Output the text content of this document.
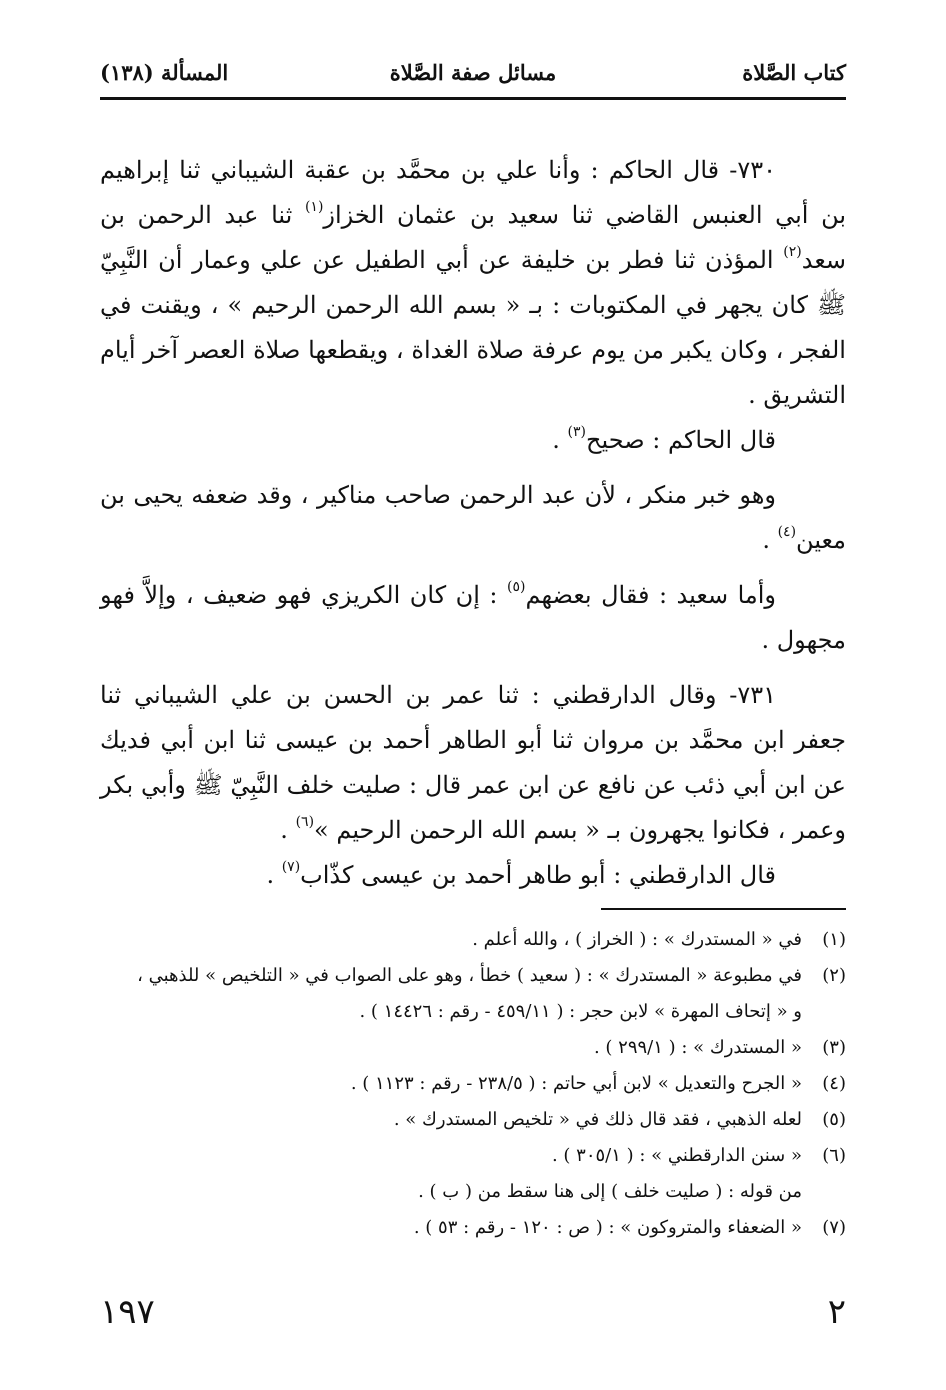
كتاب الصَّلاة
مسائل صفة الصَّلاة
المسألة (١٣٨)

٧٣٠- قال الحاكم : وأنا علي بن محمَّد بن عقبة الشيباني ثنا إبراهيم بن أبي العنبس القاضي ثنا سعيد بن عثمان الخزاز$^{(١)}$ ثنا عبد الرحمن بن سعد$^{(٢)}$ المؤذن ثنا فطر بن خليفة عن أبي الطفيل عن علي وعمار أن النَّبِيّ ﷺ كان يجهر في المكتوبات : بـ « بسم الله الرحمن الرحيم » ، ويقنت في الفجر ، وكان يكبر من يوم عرفة صلاة الغداة ، ويقطعها صلاة العصر آخر أيام التشريق .

قال الحاكم : صحيح$^{(٣)}$ .

وهو خبر منكر ، لأن عبد الرحمن صاحب مناكير ، وقد ضعفه يحيى بن معين$^{(٤)}$ .

وأما سعيد : فقال بعضهم$^{(٥)}$ : إن كان الكريزي فهو ضعيف ، وإلاَّ فهو مجهول .

٧٣١- وقال الدارقطني : ثنا عمر بن الحسن بن علي الشيباني ثنا جعفر ابن محمَّد بن مروان ثنا أبو الطاهر أحمد بن عيسى ثنا ابن أبي فديك عن ابن أبي ذئب عن نافع عن ابن عمر قال : صليت خلف النَّبِيّ ﷺ وأبي بكر وعمر ، فكانوا يجهرون بـ « بسم الله الرحمن الرحيم »$^{(٦)}$ .

قال الدارقطني : أبو طاهر أحمد بن عيسى كذّاب$^{(٧)}$ .

(١)
في « المستدرك » : ( الخراز ) ، والله أعلم .
(٢)
في مطبوعة « المستدرك » : ( سعيد ) خطأ ، وهو على الصواب في « التلخيص » للذهبي ،
و « إتحاف المهرة » لابن حجر : ( ٤٥٩/١١ - رقم : ١٤٤٢٦ ) .
(٣)
« المستدرك » : ( ٢٩٩/١ ) .
(٤)
« الجرح والتعديل » لابن أبي حاتم : ( ٢٣٨/٥ - رقم : ١١٢٣ ) .
(٥)
لعله الذهبي ، فقد قال ذلك في « تلخيص المستدرك » .
(٦)
« سنن الدارقطني » : ( ٣٠٥/١ ) .
من قوله : ( صليت خلف ) إلى هنا سقط من ( ب ) .
(٧)
« الضعفاء والمتروكون » : ( ص : ١٢٠ - رقم : ٥٣ ) .
٢
١٩٧
